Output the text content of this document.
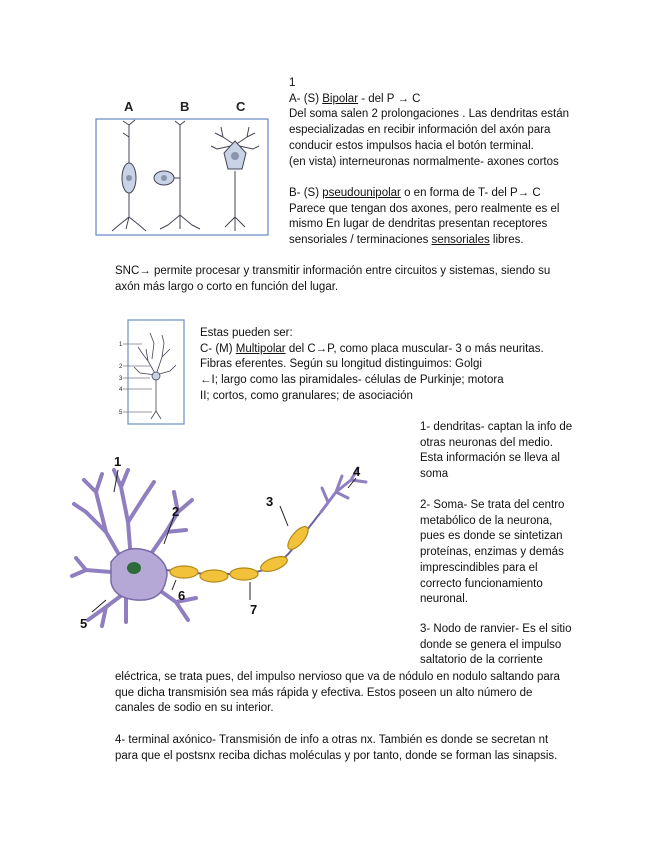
A	B	C
1
A- (S) Bipolar - del P → C
Del soma salen 2 prolongaciones . Las dendritas están
especializadas en recibir información del axón para
conducir estos impulsos hacia el botón terminal.
(en vista) interneuronas normalmente- axones cortos
B- (S) pseudounipolar o en forma de T- del P→ C
Parece que tengan dos axones, pero realmente es el
mismo En lugar de dendritas presentan receptores
sensoriales / terminaciones sensoriales libres.
SNC→ permite procesar y transmitir información entre circuitos y sistemas, siendo su
axón más largo o corto en función del lugar.
1
2
3
4
5
Estas pueden ser:
C- (M) Multipolar del C→P, como placa muscular- 3 o más neuritas.
Fibras eferentes. Según su longitud distinguimos: Golgi
←I; largo como las piramidales- células de Purkinje; motora
II; cortos, como granulares; de asociación
1
2
3
4
5
6
7
1- dendritas- captan la info de
otras neuronas del medio.
Esta información se lleva al
soma
2- Soma- Se trata del centro
metabólico de la neurona,
pues es donde se sintetizan
proteínas, enzimas y demás
imprescindibles para el
correcto funcionamiento
neuronal.
3- Nodo de ranvier- Es el sitio
donde se genera el impulso
saltatorio de la corriente
eléctrica, se trata pues, del impulso nervioso que va de nódulo en nodulo saltando para
que dicha transmisión sea más rápida y efectiva. Estos poseen un alto número de
canales de sodio en su interior.
4- terminal axónico- Transmisión de info a otras nx. También es donde se secretan nt
para que el postsnx reciba dichas moléculas y por tanto, donde se forman las sinapsis.
